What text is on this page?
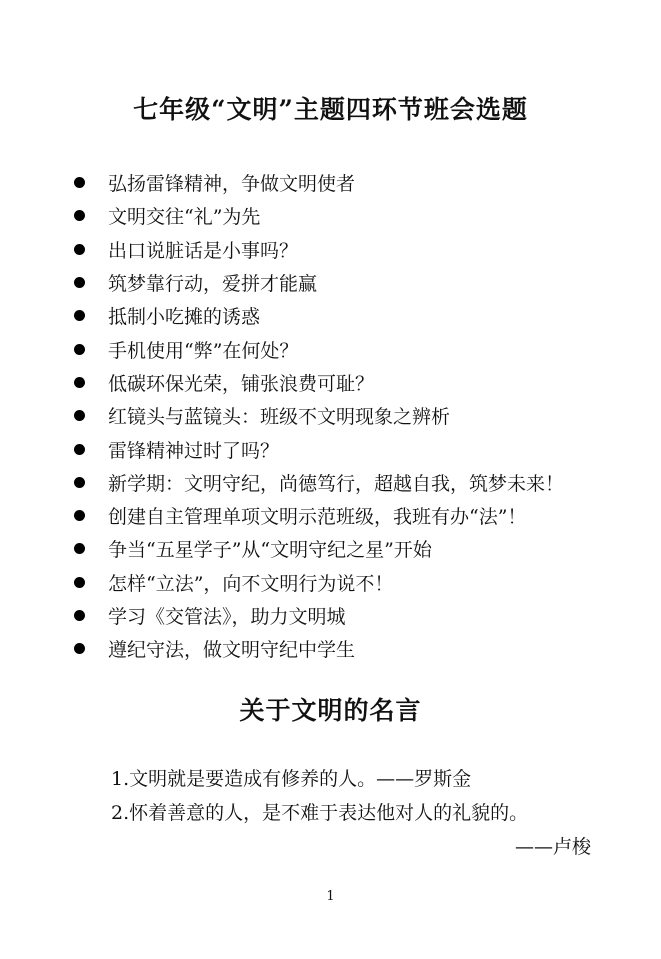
七年级“文明”主题四环节班会选题
弘扬雷锋精神，争做文明使者
文明交往“礼”为先
出口说脏话是小事吗？
筑梦靠行动，爱拼才能赢
抵制小吃摊的诱惑
手机使用“弊”在何处？
低碳环保光荣，铺张浪费可耻？
红镜头与蓝镜头：班级不文明现象之辨析
雷锋精神过时了吗？
新学期：文明守纪，尚德笃行，超越自我，筑梦未来！
创建自主管理单项文明示范班级，我班有办“法”！
争当“五星学子”从“文明守纪之星”开始
怎样“立法”，向不文明行为说不！
学习《交管法》，助力文明城
遵纪守法，做文明守纪中学生
关于文明的名言
1.文明就是要造成有修养的人。——罗斯金
2.怀着善意的人，是不难于表达他对人的礼貌的。
——卢梭
1
